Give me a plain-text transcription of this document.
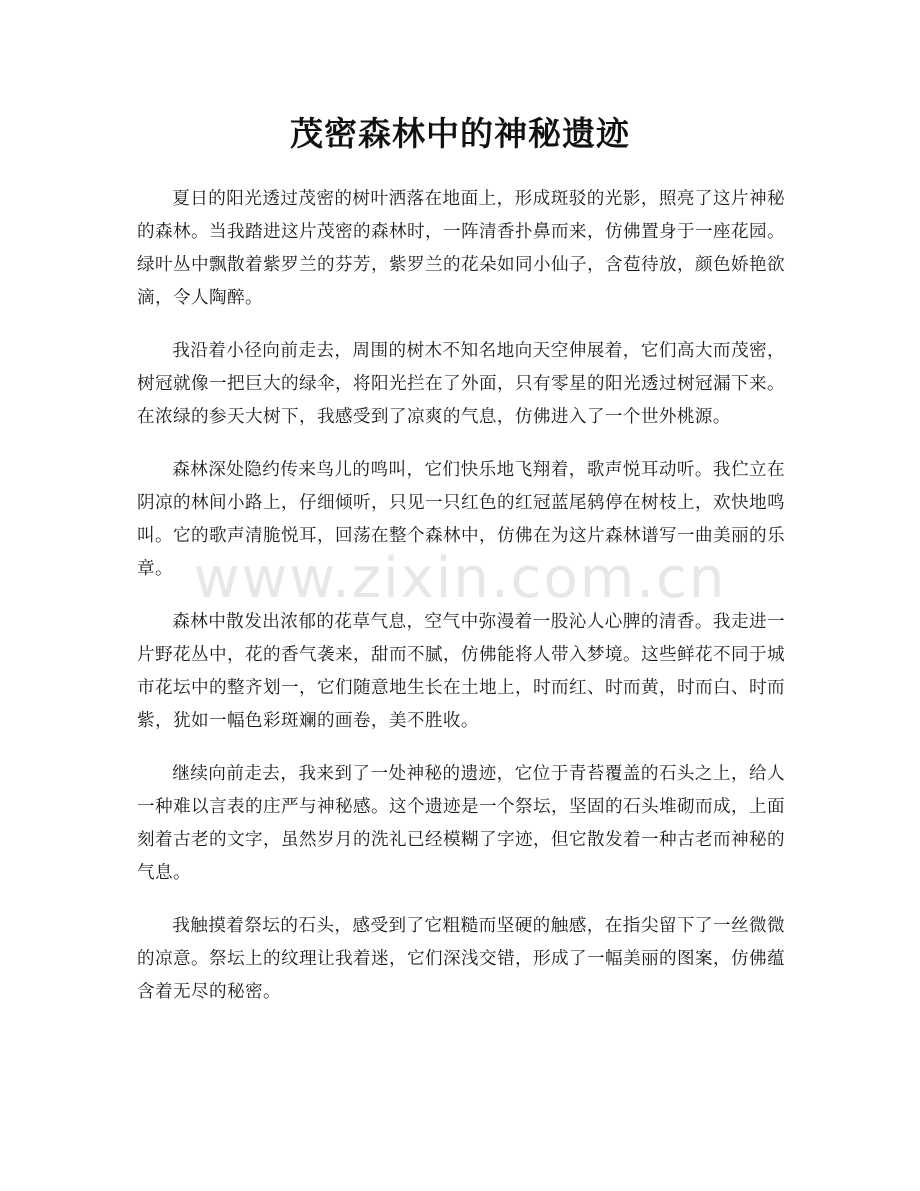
茂密森林中的神秘遗迹

夏日的阳光透过茂密的树叶洒落在地面上，形成斑驳的光影，照亮了这片神秘的森林。当我踏进这片茂密的森林时，一阵清香扑鼻而来，仿佛置身于一座花园。绿叶丛中飘散着紫罗兰的芬芳，紫罗兰的花朵如同小仙子，含苞待放，颜色娇艳欲滴，令人陶醉。

我沿着小径向前走去，周围的树木不知名地向天空伸展着，它们高大而茂密，树冠就像一把巨大的绿伞，将阳光拦在了外面，只有零星的阳光透过树冠漏下来。在浓绿的参天大树下，我感受到了凉爽的气息，仿佛进入了一个世外桃源。

森林深处隐约传来鸟儿的鸣叫，它们快乐地飞翔着，歌声悦耳动听。我伫立在阴凉的林间小路上，仔细倾听，只见一只红色的红冠蓝尾鸫停在树枝上，欢快地鸣叫。它的歌声清脆悦耳，回荡在整个森林中，仿佛在为这片森林谱写一曲美丽的乐章。

森林中散发出浓郁的花草气息，空气中弥漫着一股沁人心脾的清香。我走进一片野花丛中，花的香气袭来，甜而不腻，仿佛能将人带入梦境。这些鲜花不同于城市花坛中的整齐划一，它们随意地生长在土地上，时而红、时而黄，时而白、时而紫，犹如一幅色彩斑斓的画卷，美不胜收。

继续向前走去，我来到了一处神秘的遗迹，它位于青苔覆盖的石头之上，给人一种难以言表的庄严与神秘感。这个遗迹是一个祭坛，坚固的石头堆砌而成，上面刻着古老的文字，虽然岁月的洗礼已经模糊了字迹，但它散发着一种古老而神秘的气息。

我触摸着祭坛的石头，感受到了它粗糙而坚硬的触感，在指尖留下了一丝微微的凉意。祭坛上的纹理让我着迷，它们深浅交错，形成了一幅美丽的图案，仿佛蕴含着无尽的秘密。

www.zixin.com.cn
